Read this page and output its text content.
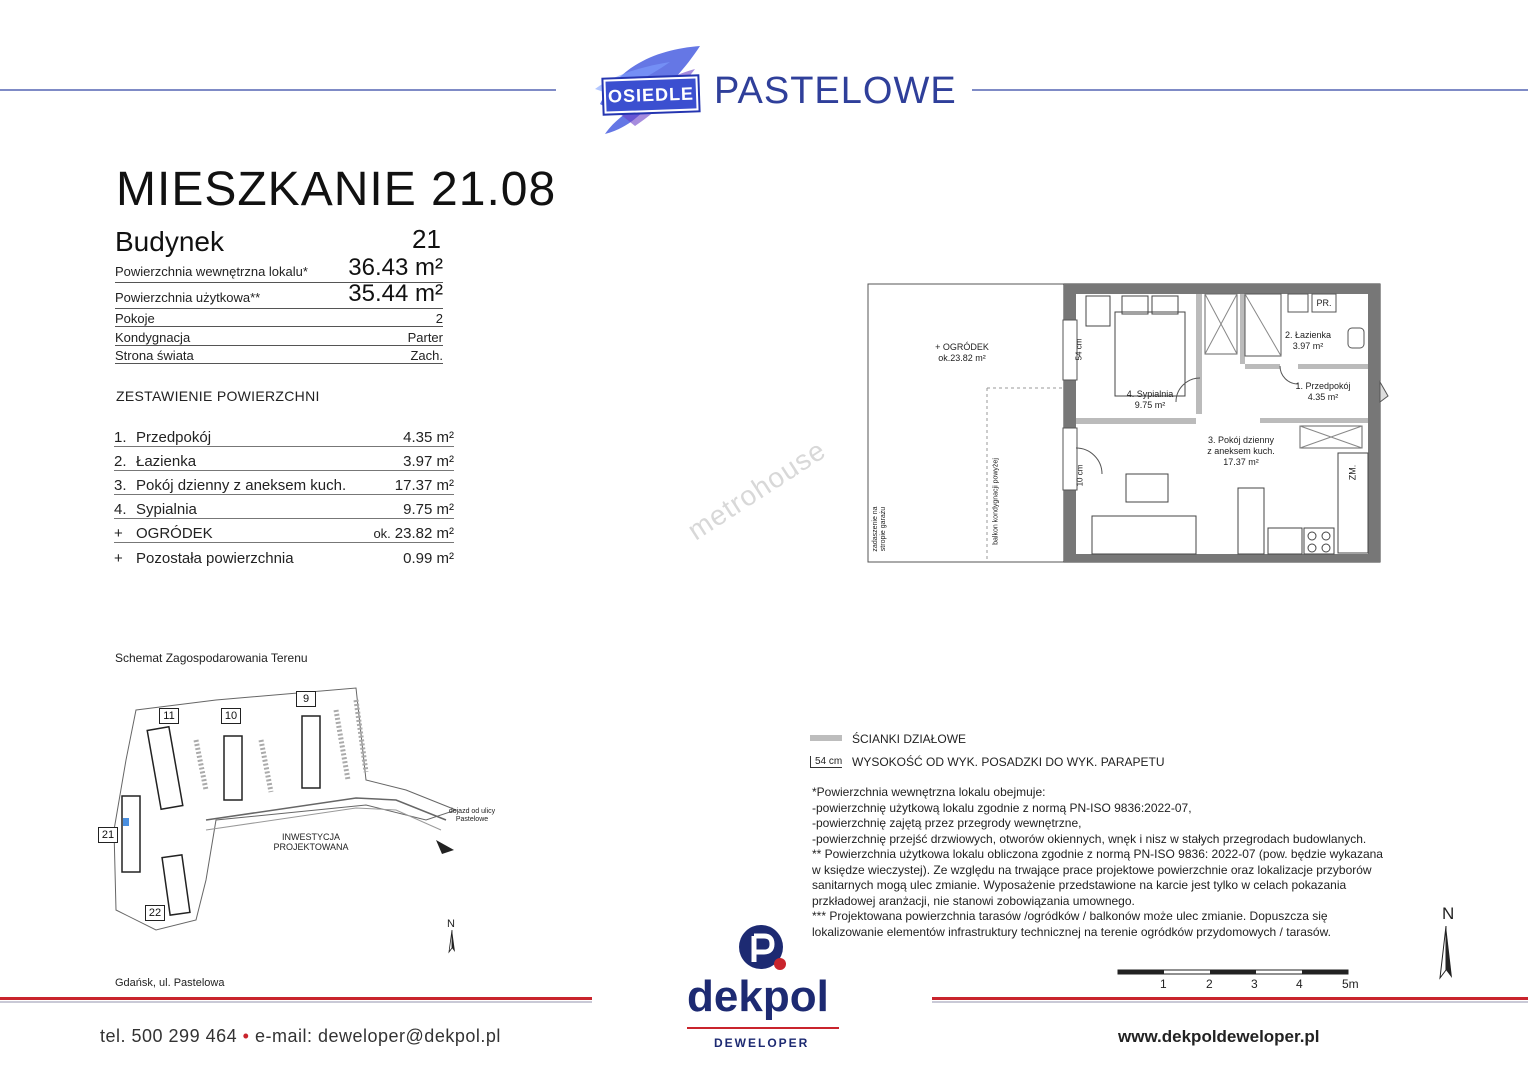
OSIEDLE PASTELOWE
MIESZKANIE 21.08
Budynek	21
Powierzchnia wewnętrzna lokalu* 36.43 m²
Powierzchnia użytkowa**	35.44 m²
Pokoje	2
Kondygnacja	Parter
Strona świata	Zach.
ZESTAWIENIE POWIERZCHNI
1. Przedpokój	4.35 m²
2. Łazienka	3.97 m²
3. Pokój dzienny z aneksem kuch.	17.37 m²
4. Sypialnia	9.75 m²
+ OGRÓDEK	ok. 23.82 m²
+ Pozostała powierzchnia	0.99 m²
+ OGRÓDEK
ok.23.82 m²
4. Sypialnia
9.75 m²
2. Łazienka
3.97 m²
1. Przedpokój
4.35 m²
3. Pokój dzienny
z aneksem kuch.
17.37 m²
PR.
ZM.
54 cm
10 cm
zadaszenie na stropie garażu	balkon kondygnacji powyżej
metrohouse
ŚCIANKI DZIAŁOWE
54 cm WYSOKOŚĆ OD WYK. POSADZKI DO WYK. PARAPETU
*Powierzchnia wewnętrzna lokalu obejmuje:
-powierzchnię użytkową lokalu zgodnie z normą PN-ISO 9836:2022-07,
-powierzchnię zajętą przez przegrody wewnętrzne,
-powierzchnię przejść drzwiowych, otworów okiennych, wnęk i nisz w stałych przegrodach budowlanych.
** Powierzchnia użytkowa lokalu obliczona zgodnie z normą PN-ISO 9836: 2022-07 (pow. będzie wykazana
w księdze wieczystej). Ze względu na trwające prace projektowe powierzchnie oraz lokalizacje przyborów
sanitarnych mogą ulec zmianie. Wyposażenie przedstawione na karcie jest tylko w celach pokazania
przkładowej aranżacji, nie stanowi zobowiązania umownego.
*** Projektowana powierzchnia tarasów /ogródków / balkonów może ulec zmianie. Dopuszcza się
lokalizowanie elementów infrastruktury technicznej na terenie ogródków przydomowych / tarasów.
1	2	3	4	5m
N
Schemat Zagospodarowania Terenu
11	10
9
21
22
INWESTYCJA
PROJEKTOWANA
dojazd od ulicy
Pastelowe
N
Gdańsk, ul. Pastelowa
tel. 500 299 464 • e-mail: deweloper@dekpol.pl
dekpol
DEWELOPER	www.dekpoldeweloper.pl
